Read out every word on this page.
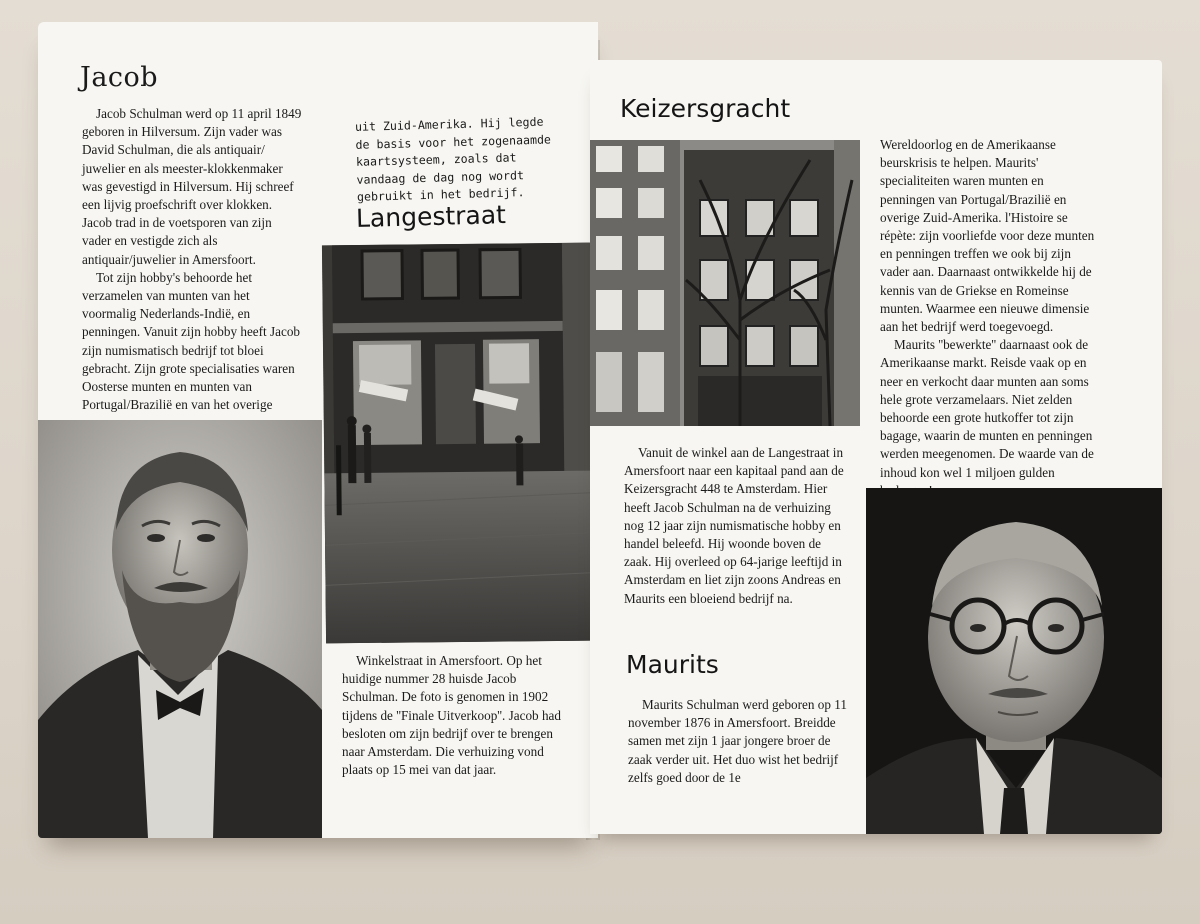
Jacob

Jacob Schulman werd op 11 april 1849 geboren in Hilversum. Zijn vader was David Schulman, die als antiquair/ juwelier en als meester-klokkenmaker was gevestigd in Hilversum. Hij schreef een lijvig proefschrift over klokken. Jacob trad in de voetsporen van zijn vader en vestigde zich als antiquair/juwelier in Amersfoort.

Tot zijn hobby's behoorde het verzamelen van munten van het voormalig Nederlands-Indië, en penningen. Vanuit zijn hobby heeft Jacob zijn numismatisch bedrijf tot bloei gebracht. Zijn grote specialisaties waren Oosterse munten en munten van Portugal/Brazilië en van het overige

uit Zuid-Amerika. Hij legde de basis voor het zogenaamde kaartsysteem, zoals dat vandaag de dag nog wordt gebruikt in het bedrijf.

Langestraat

Winkelstraat in Amersfoort. Op het huidige nummer 28 huisde Jacob Schulman. De foto is genomen in 1902 tijdens de ''Finale Uitverkoop''. Jacob had besloten om zijn bedrijf over te brengen naar Amsterdam. Die verhuizing vond plaats op 15 mei van dat jaar.

Keizersgracht

Wereldoorlog en de Amerikaanse beurskrisis te helpen. Maurits' specialiteiten waren munten en penningen van Portugal/Brazilië en overige Zuid-Amerika. l'Histoire se répète: zijn voorliefde voor deze munten en penningen treffen we ook bij zijn vader aan. Daarnaast ontwikkelde hij de kennis van de Griekse en Romeinse munten. Waarmee een nieuwe dimensie aan het bedrijf werd toegevoegd.

Maurits ''bewerkte'' daarnaast ook de Amerikaanse markt. Reisde vaak op en neer en verkocht daar munten aan soms hele grote verzamelaars. Niet zelden behoorde een grote hutkoffer tot zijn bagage, waarin de munten en penningen werden meegenomen. De waarde van de inhoud kon wel 1 miljoen gulden

Vanuit de winkel aan de Langestraat in Amersfoort naar een kapitaal pand aan de Keizersgracht 448 te Amsterdam. Hier heeft Jacob Schulman na de verhuizing nog 12 jaar zijn numismatische hobby en handel beleefd. Hij woonde boven de zaak. Hij overleed op 64-jarige leeftijd in Amsterdam en liet zijn zoons Andreas en Maurits een bloeiend bedrijf na.

Maurits

Maurits Schulman werd geboren op 11 november 1876 in Amersfoort. Breidde samen met zijn 1 jaar jongere broer de zaak verder uit. Het duo wist het bedrijf zelfs goed door de 1e
